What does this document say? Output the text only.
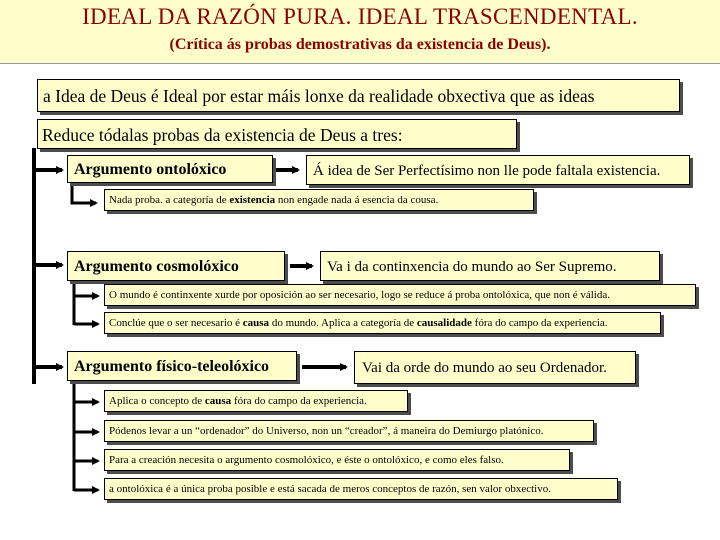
IDEAL DA RAZÓN PURA. IDEAL TRASCENDENTAL.
(Crítica ás probas demostrativas da existencia de Deus).
a Idea de Deus é Ideal por estar máis lonxe da realidade obxectiva que as ideas
Reduce tódalas probas da existencia de Deus a tres:
Argumento ontolóxico	Á idea de Ser Perfectísimo non lle pode faltala existencia.
Nada proba. a categoría de existencia non engade nada á esencia da cousa.
Argumento cosmolóxico	Va i da continxencia do mundo ao Ser Supremo.
O mundo é continxente xurde por oposición ao ser necesario, logo se reduce á proba ontolóxica, que non é válida.
Conclúe que o ser necesario é causa do mundo. Aplica a categoría de causalidade fóra do campo da experiencia.
Argumento físico-teleolóxico	Vai da orde do mundo ao seu Ordenador.
Aplica o concepto de causa fóra do campo da experiencia.
Pódenos levar a un “ordenador” do Universo, non un “creador”, á maneira do Demiurgo platónico.
Para a creación necesita o argumento cosmolóxico, e éste o ontolóxico, e como eles falso.
a ontolóxica é a única proba posible e está sacada de meros conceptos de razón, sen valor obxectivo.
